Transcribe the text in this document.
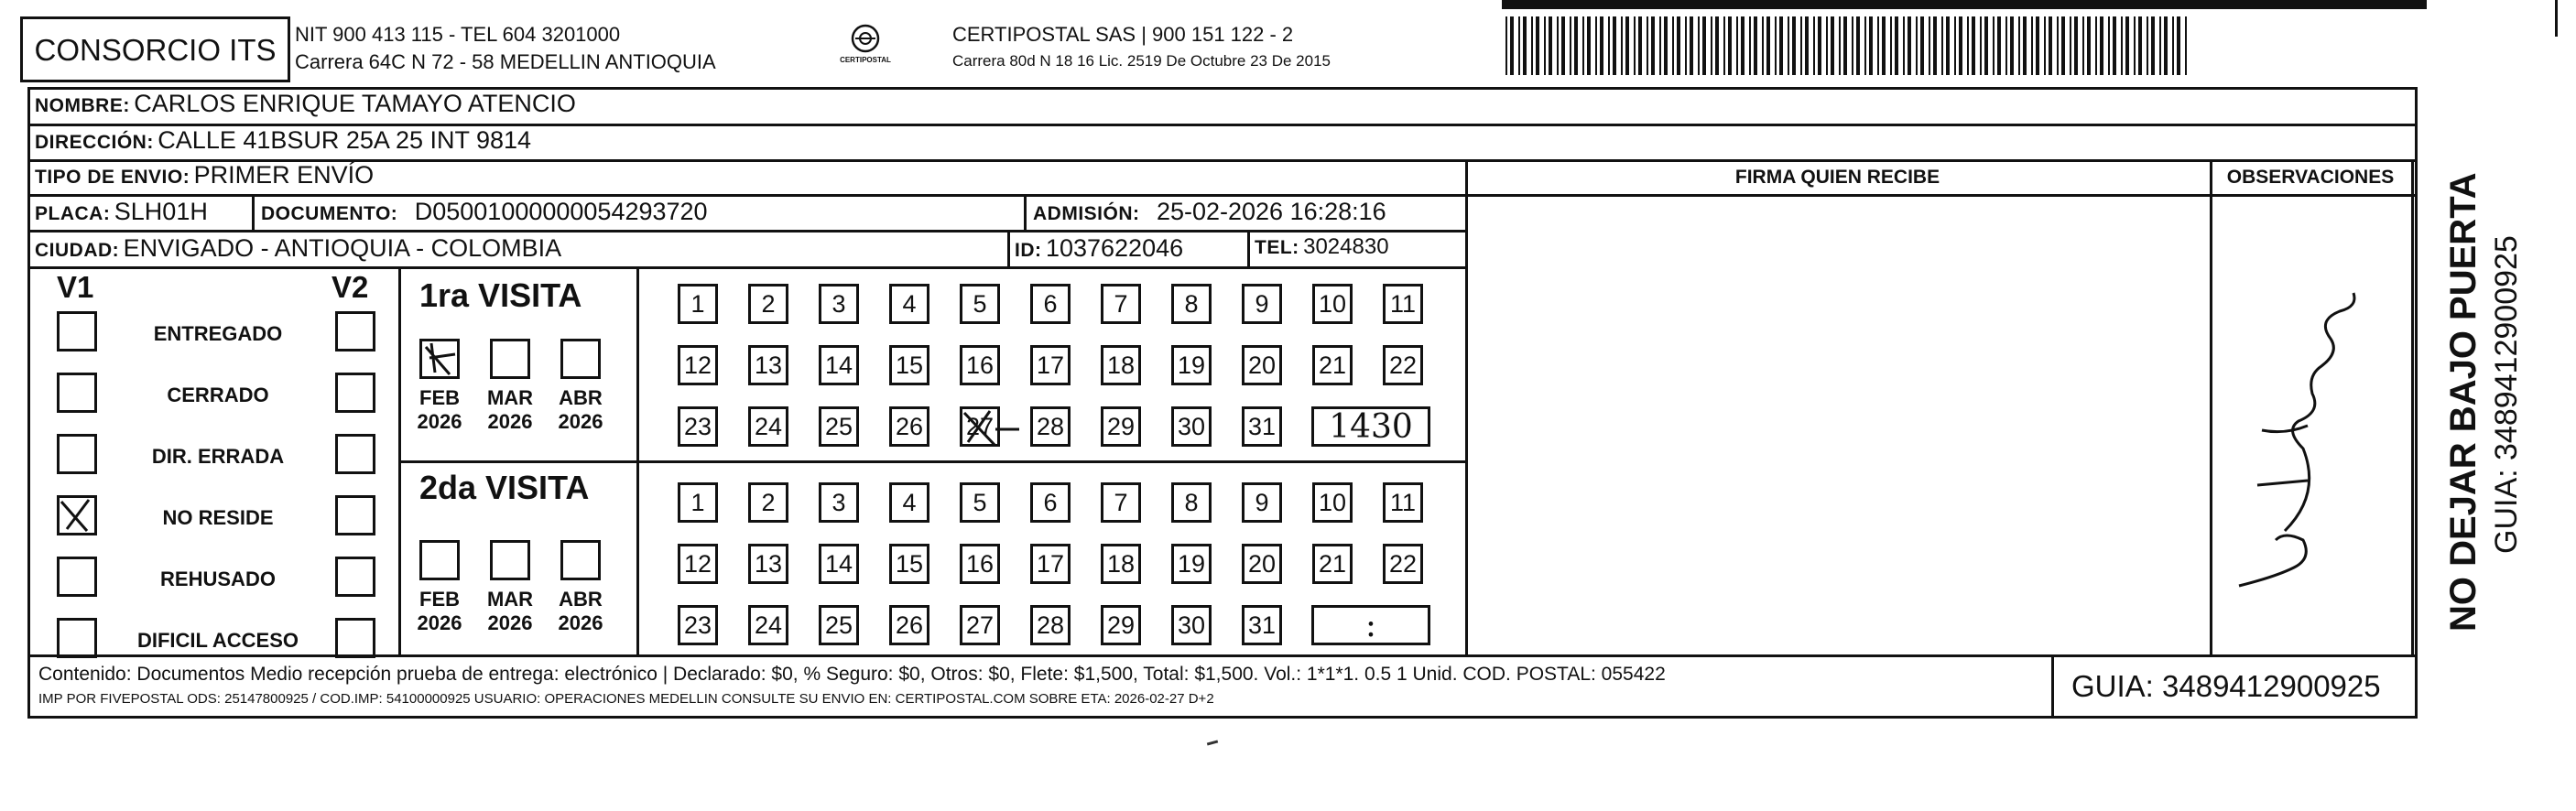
CONSORCIO ITS NIT 900 413 115 - TEL 604 3201000
Carrera 64C N 72 - 58 MEDELLIN ANTIOQUIA	CERTIPOSTAL
CERTIPOSTAL SAS | 900 151 122 - 2
Carrera 80d N 18 16 Lic. 2519 De Octubre 23 De 2015
NOMBRE: CARLOS ENRIQUE TAMAYO ATENCIO
DIRECCIÓN: CALLE 41BSUR 25A 25 INT 9814
TIPO DE ENVIO: PRIMER ENVÍO
PLACA: SLH01H	DOCUMENTO: D05001000000054293720	ADMISIÓN: 25-02-2026 16:28:16
CIUDAD: ENVIGADO - ANTIOQUIA - COLOMBIA	ID: 1037622046	TEL: 3024830
FIRMA QUIEN RECIBE	OBSERVACIONES
V1	V2
ENTREGADO
CERRADO
DIR. ERRADA
NO RESIDE
REHUSADO
DIFICIL ACCESO
1ra VISITA
2da VISITA
FEB
2026
MAR
2026
ABR
2026
FEB
2026
MAR
2026
ABR
2026
1	2	3	4	5	6	7	8	9	10 11
12 13 14 15 16 17 18 19 20 21 22
23 24 25 26 27 28 29 30 31	1430
1	2	3	4	5	6	7	8	9	10 11
12 13 14 15 16 17 18 19 20 21 22
23 24 25 26 27 28 29 30 31	:
Contenido: Documentos Medio recepción prueba de entrega: electrónico | Declarado: $0, % Seguro: $0, Otros: $0, Flete: $1,500, Total: $1,500. Vol.: 1*1*1. 0.5 1 Unid. COD. POSTAL: 055422
IMP POR FIVEPOSTAL ODS: 25147800925 / COD.IMP: 54100000925 USUARIO: OPERACIONES MEDELLIN CONSULTE SU ENVIO EN: CERTIPOSTAL.COM SOBRE ETA: 2026-02-27 D+2	GUIA: 3489412900925
NO DEJAR BAJO PUERTA GUIA: 3489412900925
